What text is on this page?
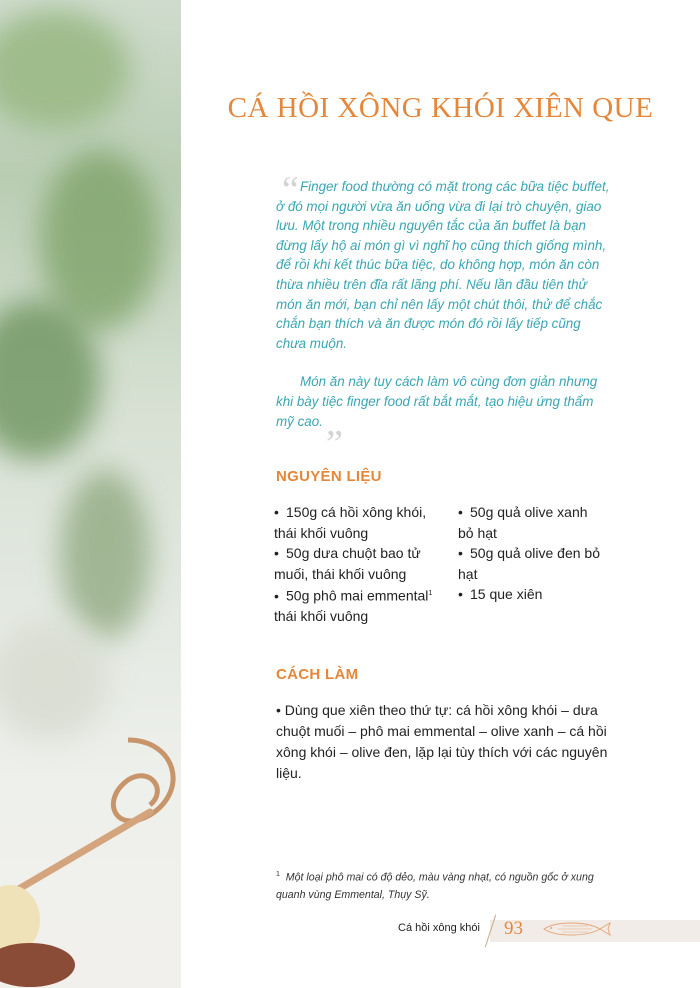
CÁ HỒI XÔNG KHÓI XIÊN QUE
“ Finger food thường có mặt trong các bữa tiệc buffet, ở đó mọi người vừa ăn uống vừa đi lại trò chuyện, giao lưu. Một trong nhiều nguyên tắc của ăn buffet là bạn đừng lấy hộ ai món gì vì nghĩ họ cũng thích giống mình, để rồi khi kết thúc bữa tiệc, do không hợp, món ăn còn thừa nhiều trên đĩa rất lãng phí. Nếu lần đầu tiên thử món ăn mới, bạn chỉ nên lấy một chút thôi, thử để chắc chắn bạn thích và ăn được món đó rồi lấy tiếp cũng chưa muộn.

Món ăn này tuy cách làm vô cùng đơn giản nhưng khi bày tiệc finger food rất bắt mắt, tạo hiệu ứng thẩm mỹ cao.

”
NGUYÊN LIỆU
• 150g cá hồi xông khói,
thái khối vuông
• 50g dưa chuột bao tử
muối, thái khối vuông
• 50g phô mai emmental$^1$
thái khối vuông
• 50g quả olive xanh
bỏ hạt
• 50g quả olive đen bỏ
hạt
• 15 que xiên
CÁCH LÀM

• Dùng que xiên theo thứ tự: cá hồi xông khói – dưa chuột muối – phô mai emmental – olive xanh – cá hồi xông khói – olive đen, lặp lại tùy thích với các nguyên liệu.

$^1$ Một loại phô mai có độ dẻo, màu vàng nhạt, có nguồn gốc ở xung quanh vùng Emmental, Thụy Sỹ.

Cá hồi xông khói 93
